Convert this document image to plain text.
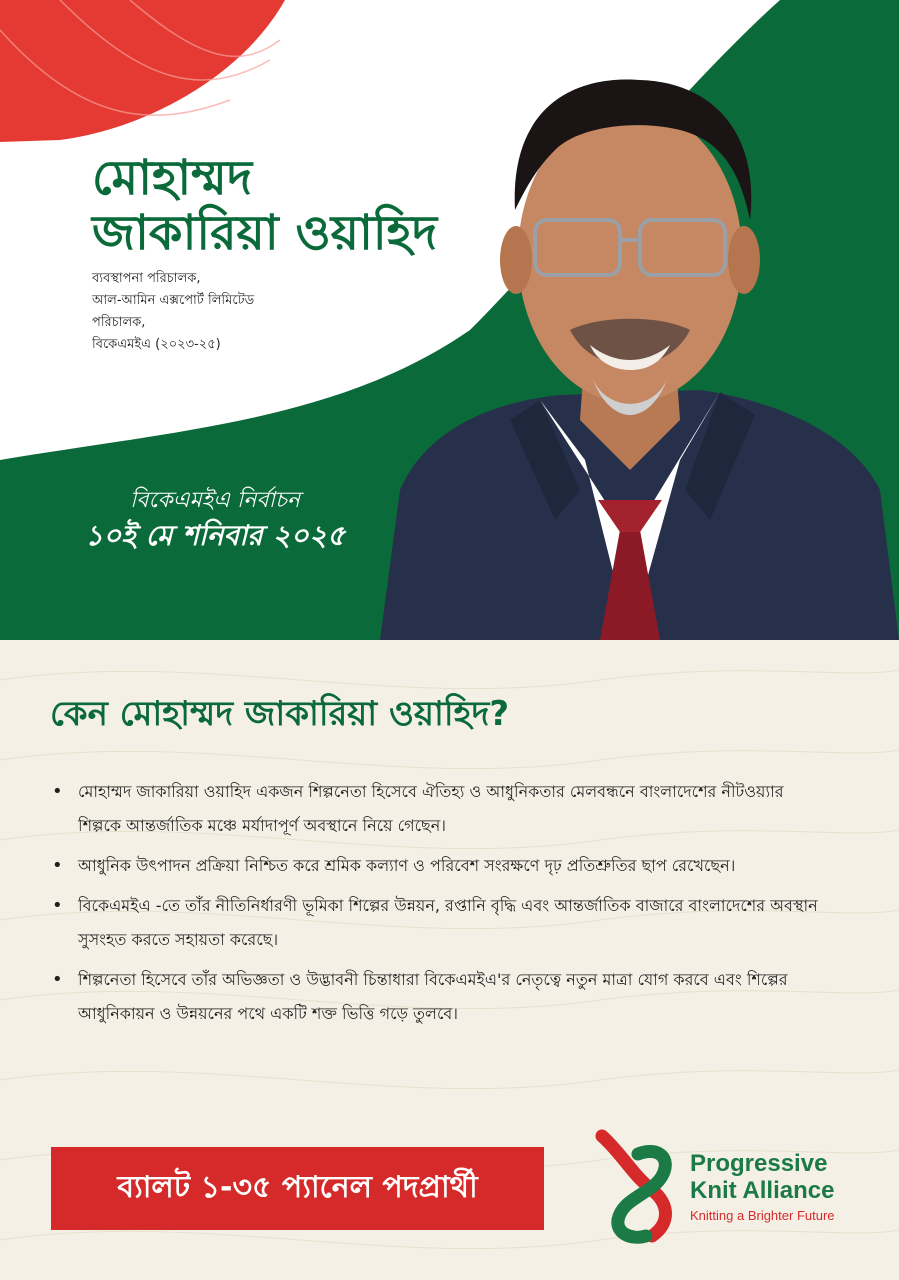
মোহাম্মদ
জাকারিয়া ওয়াহিদ
ব্যবস্থাপনা পরিচালক,
আল-আমিন এক্সপোর্ট লিমিটেড
পরিচালক,
বিকেএমইএ (২০২৩-২৫)
বিকেএমইএ নির্বাচন
১০ই মে শনিবার ২০২৫
কেন মোহাম্মদ জাকারিয়া ওয়াহিদ?
• মোহাম্মদ জাকারিয়া ওয়াহিদ একজন শিল্পনেতা হিসেবে ঐতিহ্য ও আধুনিকতার মেলবন্ধনে বাংলাদেশের নীটওয়্যার শিল্পকে আন্তর্জাতিক মঞ্চে মর্যাদাপূর্ণ অবস্থানে নিয়ে গেছেন।
• আধুনিক উৎপাদন প্রক্রিয়া নিশ্চিত করে শ্রমিক কল্যাণ ও পরিবেশ সংরক্ষণে দৃঢ় প্রতিশ্রুতির ছাপ রেখেছেন।
• বিকেএমইএ -তে তাঁর নীতিনির্ধারণী ভূমিকা শিল্পের উন্নয়ন, রপ্তানি বৃদ্ধি এবং আন্তর্জাতিক বাজারে বাংলাদেশের অবস্থান সুসংহত করতে সহায়তা করেছে।
• শিল্পনেতা হিসেবে তাঁর অভিজ্ঞতা ও উদ্ভাবনী চিন্তাধারা বিকেএমইএ'র নেতৃত্বে নতুন মাত্রা যোগ করবে এবং শিল্পের আধুনিকায়ন ও উন্নয়নের পথে একটি শক্ত ভিত্তি গড়ে তুলবে।
ব্যালট ১-৩৫ প্যানেল পদপ্রার্থী
Progressive
Knit Alliance
Knitting a Brighter Future
